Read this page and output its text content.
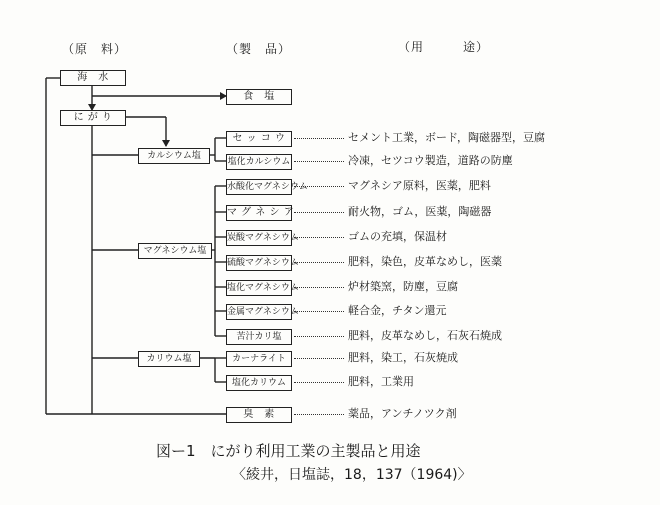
（原　料）	（製　品）	（用　　　途）
海　水
に が り
食　塩
カルシウム塩
マグネシウム塩
カリウム塩
セ ッ コ ウ
塩化カルシウム
水酸化マグネシウム
マ グ ネ シ ア
炭酸マグネシウム
硫酸マグネシウム
塩化マグネシウム
金属マグネシウム
苦汁カリ塩
カーナライト
塩化カリウム
臭　素
セメント工業，ボード，陶磁器型，豆腐
冷凍，セツコウ製造，道路の防塵
マグネシア原料，医薬，肥料
耐火物，ゴム，医薬，陶磁器
ゴムの充填，保温材
肥料，染色，皮革なめし，医薬
炉材築窯，防塵，豆腐
軽合金，チタン還元
肥料，皮革なめし，石灰石焼成
肥料，染工，石灰焼成
肥料，工業用
薬品，アンチノツク剤
図ー1　にがり利用工業の主製品と用途
〈綾井，日塩誌，18，137（1964)〉
